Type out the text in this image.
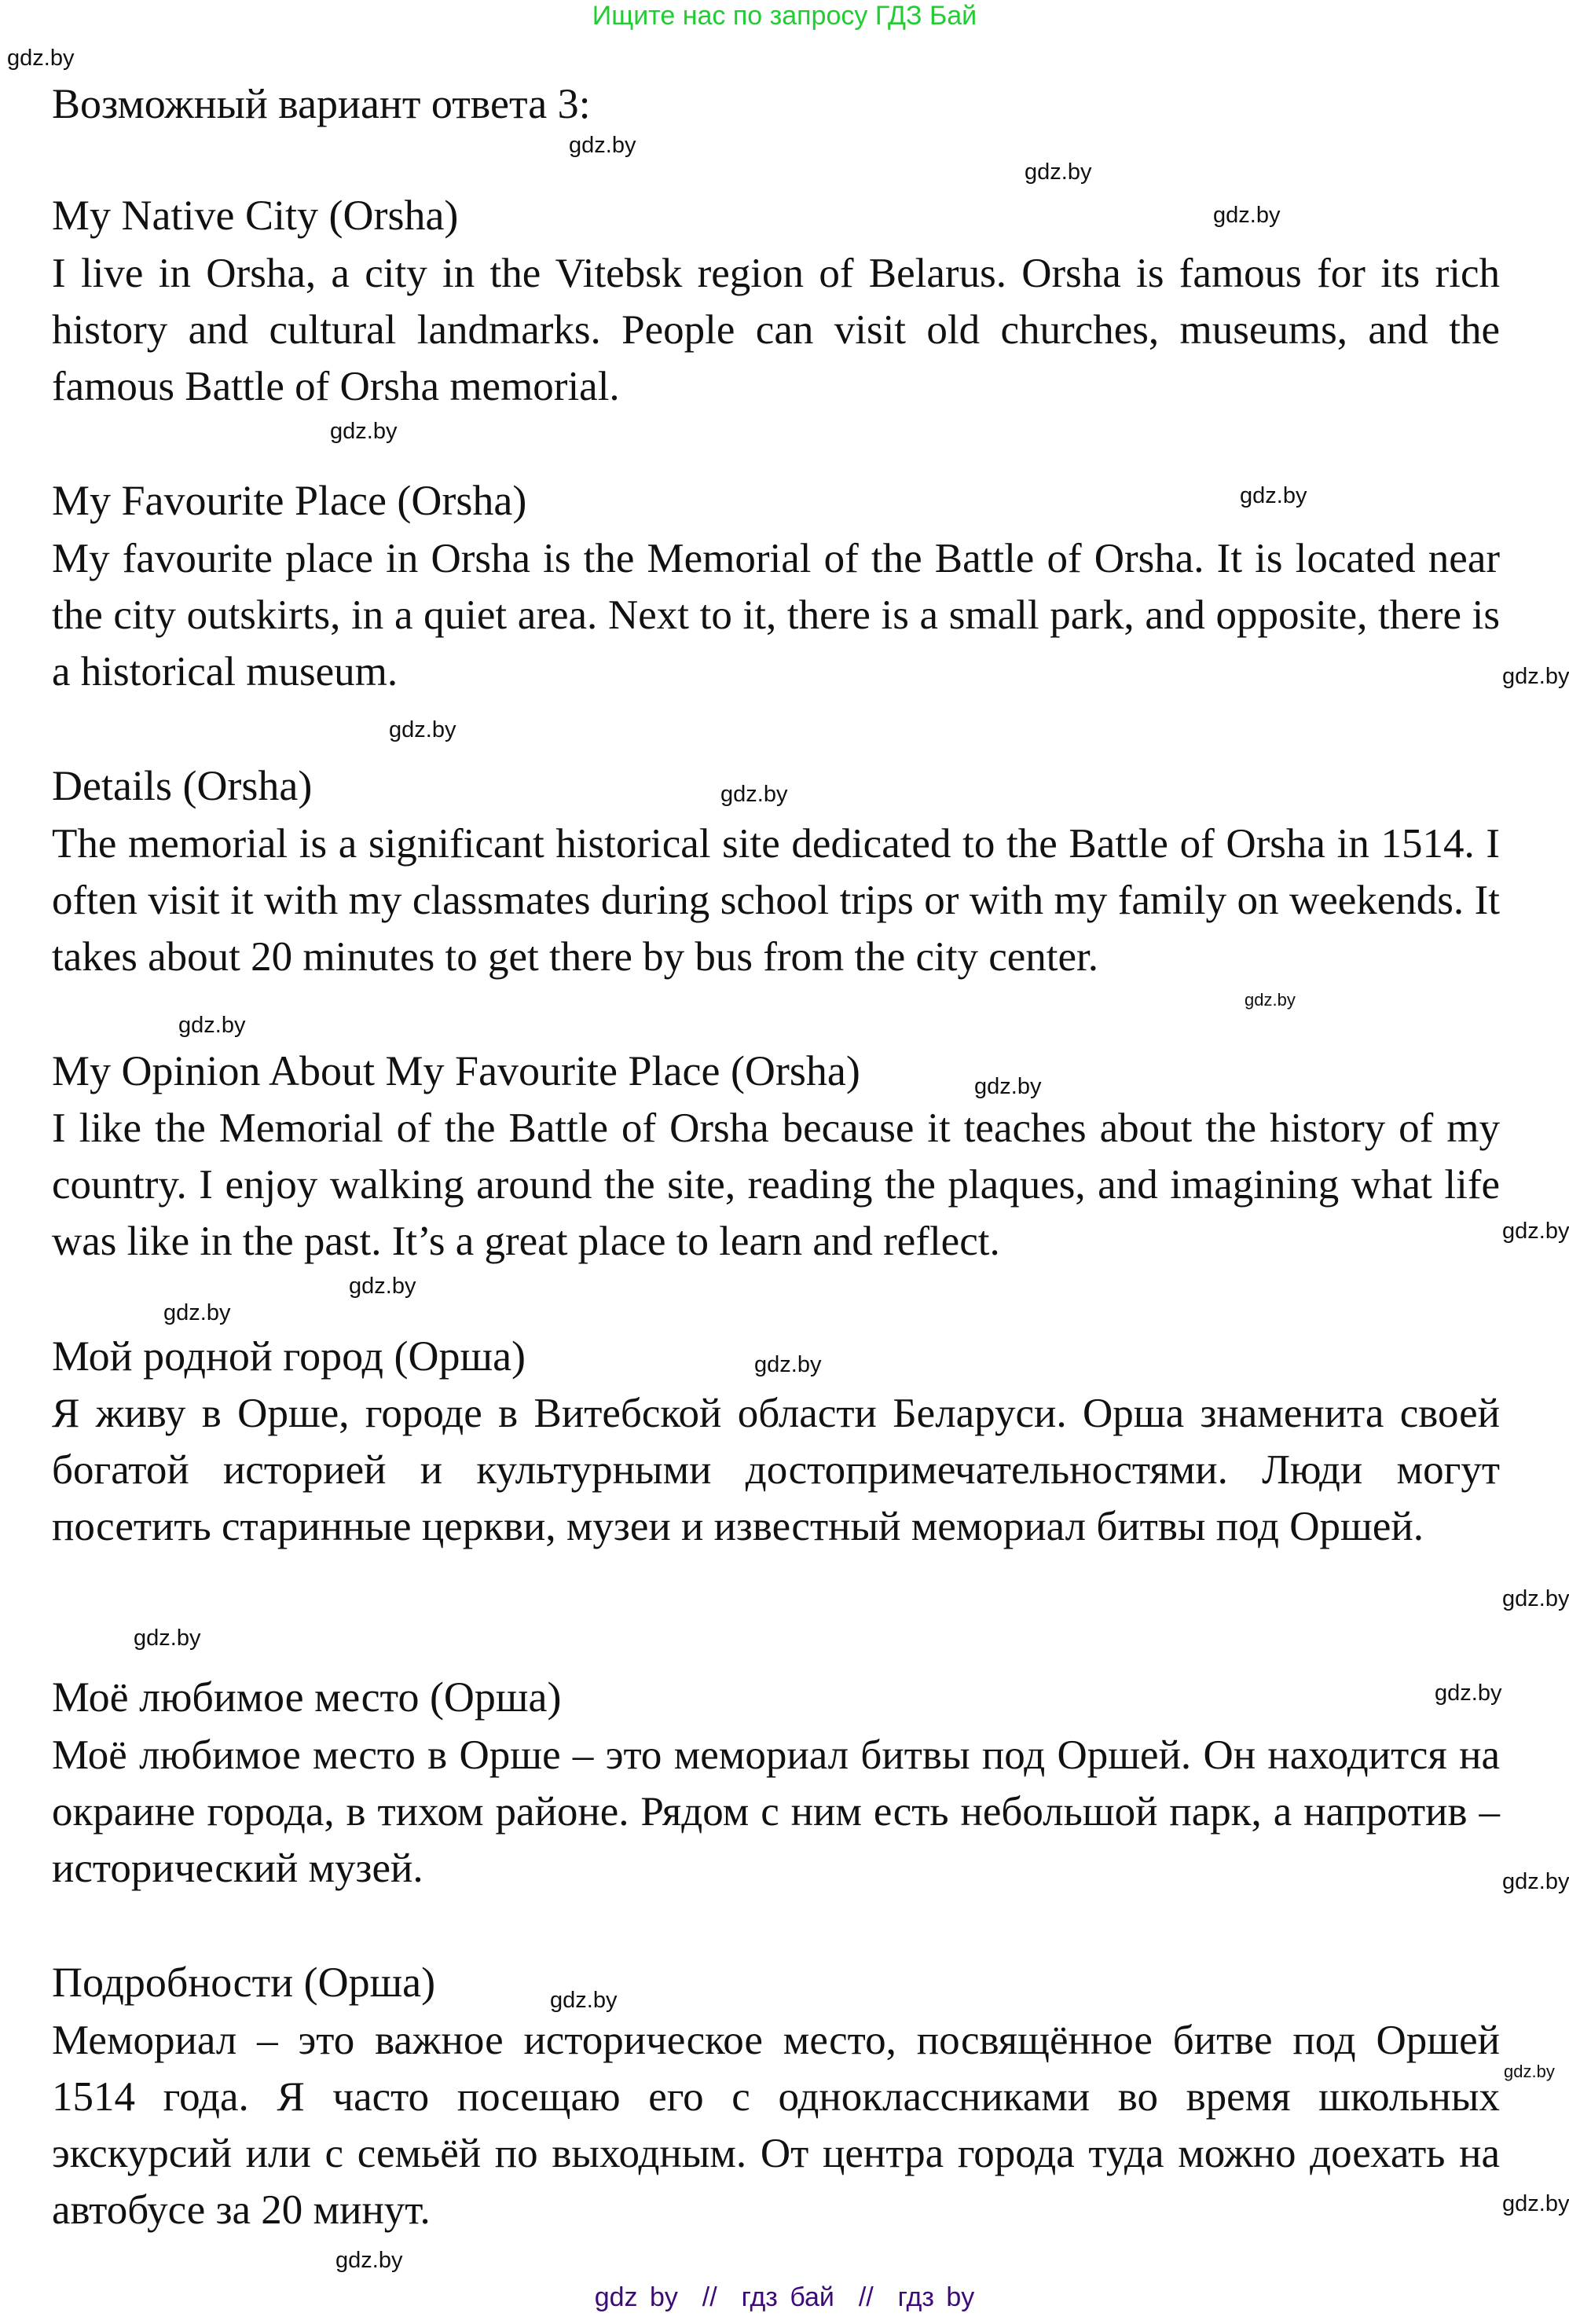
Ищите нас по запросу ГДЗ Бай
Возможный вариант ответа 3:
My Native City (Orsha)
I live in Orsha, a city in the Vitebsk region of Belarus. Orsha is famous for its rich history and cultural landmarks. People can visit old churches, museums, and the famous Battle of Orsha memorial.
My Favourite Place (Orsha)
My favourite place in Orsha is the Memorial of the Battle of Orsha. It is located near the city outskirts, in a quiet area. Next to it, there is a small park, and opposite, there is a historical museum.
Details (Orsha)
The memorial is a significant historical site dedicated to the Battle of Orsha in 1514. I often visit it with my classmates during school trips or with my family on weekends. It takes about 20 minutes to get there by bus from the city center.
My Opinion About My Favourite Place (Orsha)
I like the Memorial of the Battle of Orsha because it teaches about the history of my country. I enjoy walking around the site, reading the plaques, and imagining what life was like in the past. It’s a great place to learn and reflect.
Мой родной город (Орша)
Я живу в Орше, городе в Витебской области Беларуси. Орша знаменита своей богатой историей и культурными достопримечательностями. Люди могут посетить старинные церкви, музеи и известный мемориал битвы под Оршей.
Моё любимое место (Орша)
Моё любимое место в Орше – это мемориал битвы под Оршей. Он находится на окраине города, в тихом районе. Рядом с ним есть небольшой парк, а напротив – исторический музей.
Подробности (Орша)
Мемориал – это важное историческое место, посвящённое битве под Оршей 1514 года. Я часто посещаю его с одноклассниками во время школьных экскурсий или с семьёй по выходным. От центра города туда можно доехать на автобусе за 20 минут.
gdz.by
gdz.by
gdz.by
gdz.by
gdz.by
gdz.by
gdz.by
gdz.by
gdz.by
gdz.by
gdz.by
gdz.by
gdz.by
gdz.by
gdz.by
gdz.by
gdz.by
gdz.by
gdz.by
gdz.by
gdz.by
gdz.by
gdz.by
gdz.by
gdz by  //  гдз бай  //  гдз by
